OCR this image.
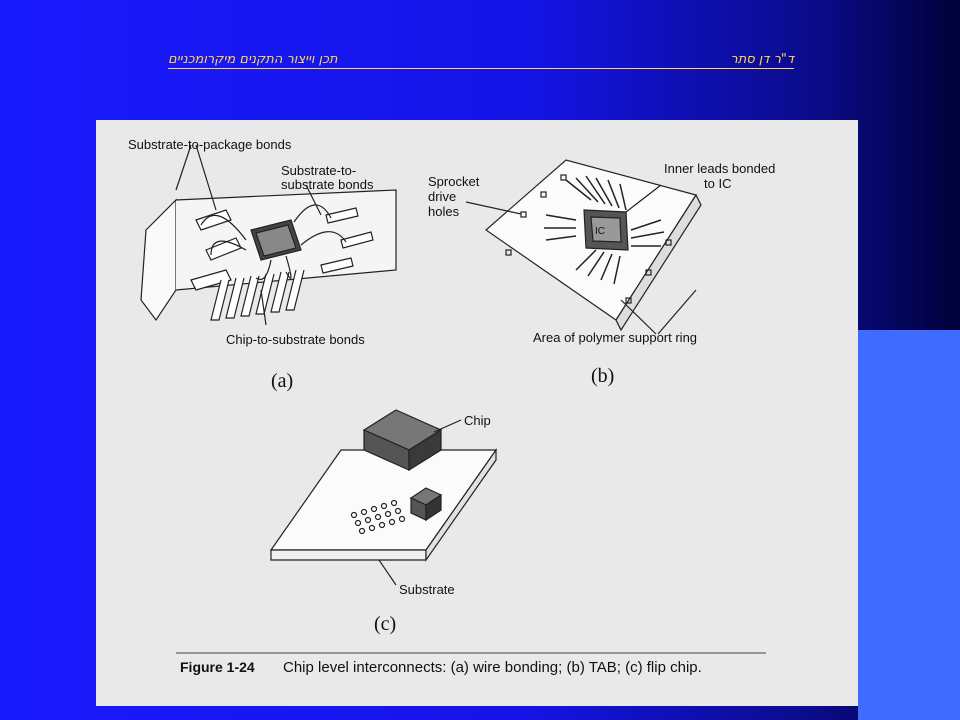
ד"ר דן סתר
תכן וייצור התקנים מיקרומכניים
Substrate-to-package bonds
Substrate-to-
substrate bonds
Chip-to-substrate bonds
(a)
IC
Sprocket
drive
holes
Inner leads bonded
to IC
Area of polymer support ring
(b)
Chip
Substrate
(c)
Figure 1-24 Chip level interconnects: (a) wire bonding; (b) TAB; (c) flip chip.
